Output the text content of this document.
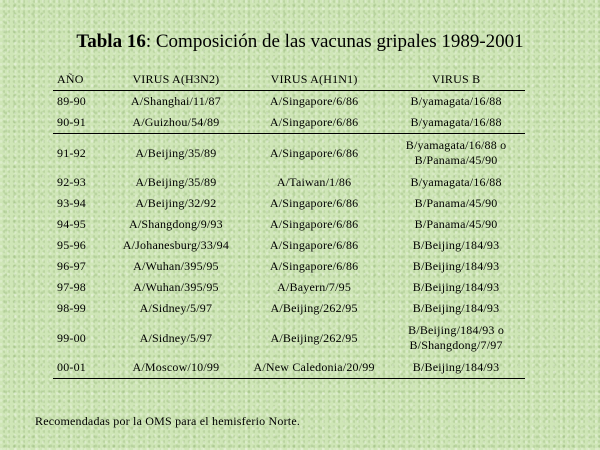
Tabla 16: Composición de las vacunas gripales 1989-2001
AÑO	VIRUS A(H3N2)	VIRUS A(H1N1)	VIRUS B
89-90	A/Shanghai/11/87	A/Singapore/6/86	B/yamagata/16/88
90-91	A/Guizhou/54/89	A/Singapore/6/86	B/yamagata/16/88
91-92	A/Beijing/35/89	A/Singapore/6/86	B/yamagata/16/88 o
B/Panama/45/90
92-93	A/Beijing/35/89	A/Taiwan/1/86	B/yamagata/16/88
93-94	A/Beijing/32/92	A/Singapore/6/86	B/Panama/45/90
94-95	A/Shangdong/9/93	A/Singapore/6/86	B/Panama/45/90
95-96	A/Johanesburg/33/94	A/Singapore/6/86	B/Beijing/184/93
96-97	A/Wuhan/395/95	A/Singapore/6/86	B/Beijing/184/93
97-98	A/Wuhan/395/95	A/Bayern/7/95	B/Beijing/184/93
98-99	A/Sidney/5/97	A/Beijing/262/95	B/Beijing/184/93
99-00	A/Sidney/5/97	A/Beijing/262/95	B/Beijing/184/93 o
B/Shangdong/7/97
00-01	A/Moscow/10/99	A/New Caledonia/20/99	B/Beijing/184/93
Recomendadas por la OMS para el hemisferio Norte.
